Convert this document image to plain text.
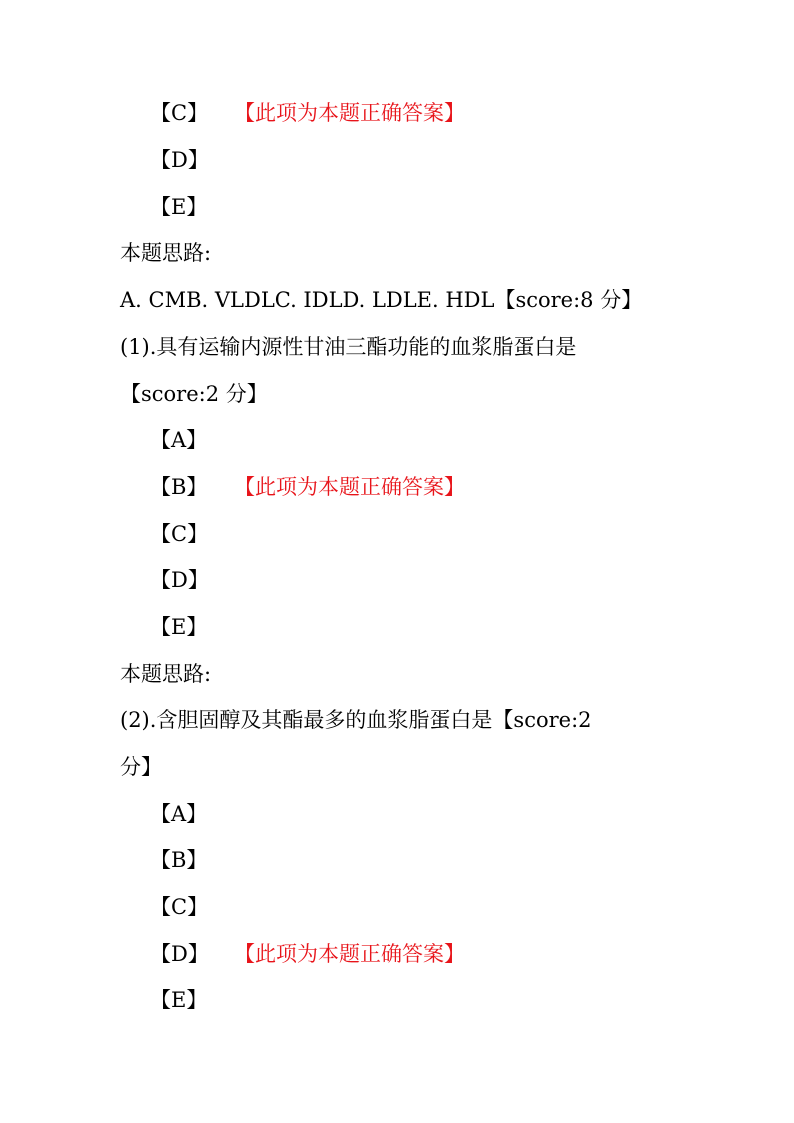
【C】 【此项为本题正确答案】
【D】
【E】
本题思路:
A. CMB. VLDLC. IDLD. LDLE. HDL【score:8 分】
(1).具有运输内源性甘油三酯功能的血浆脂蛋白是
【score:2 分】
【A】
【B】 【此项为本题正确答案】
【C】
【D】
【E】
本题思路:
(2).含胆固醇及其酯最多的血浆脂蛋白是【score:2
分】
【A】
【B】
【C】
【D】 【此项为本题正确答案】
【E】
